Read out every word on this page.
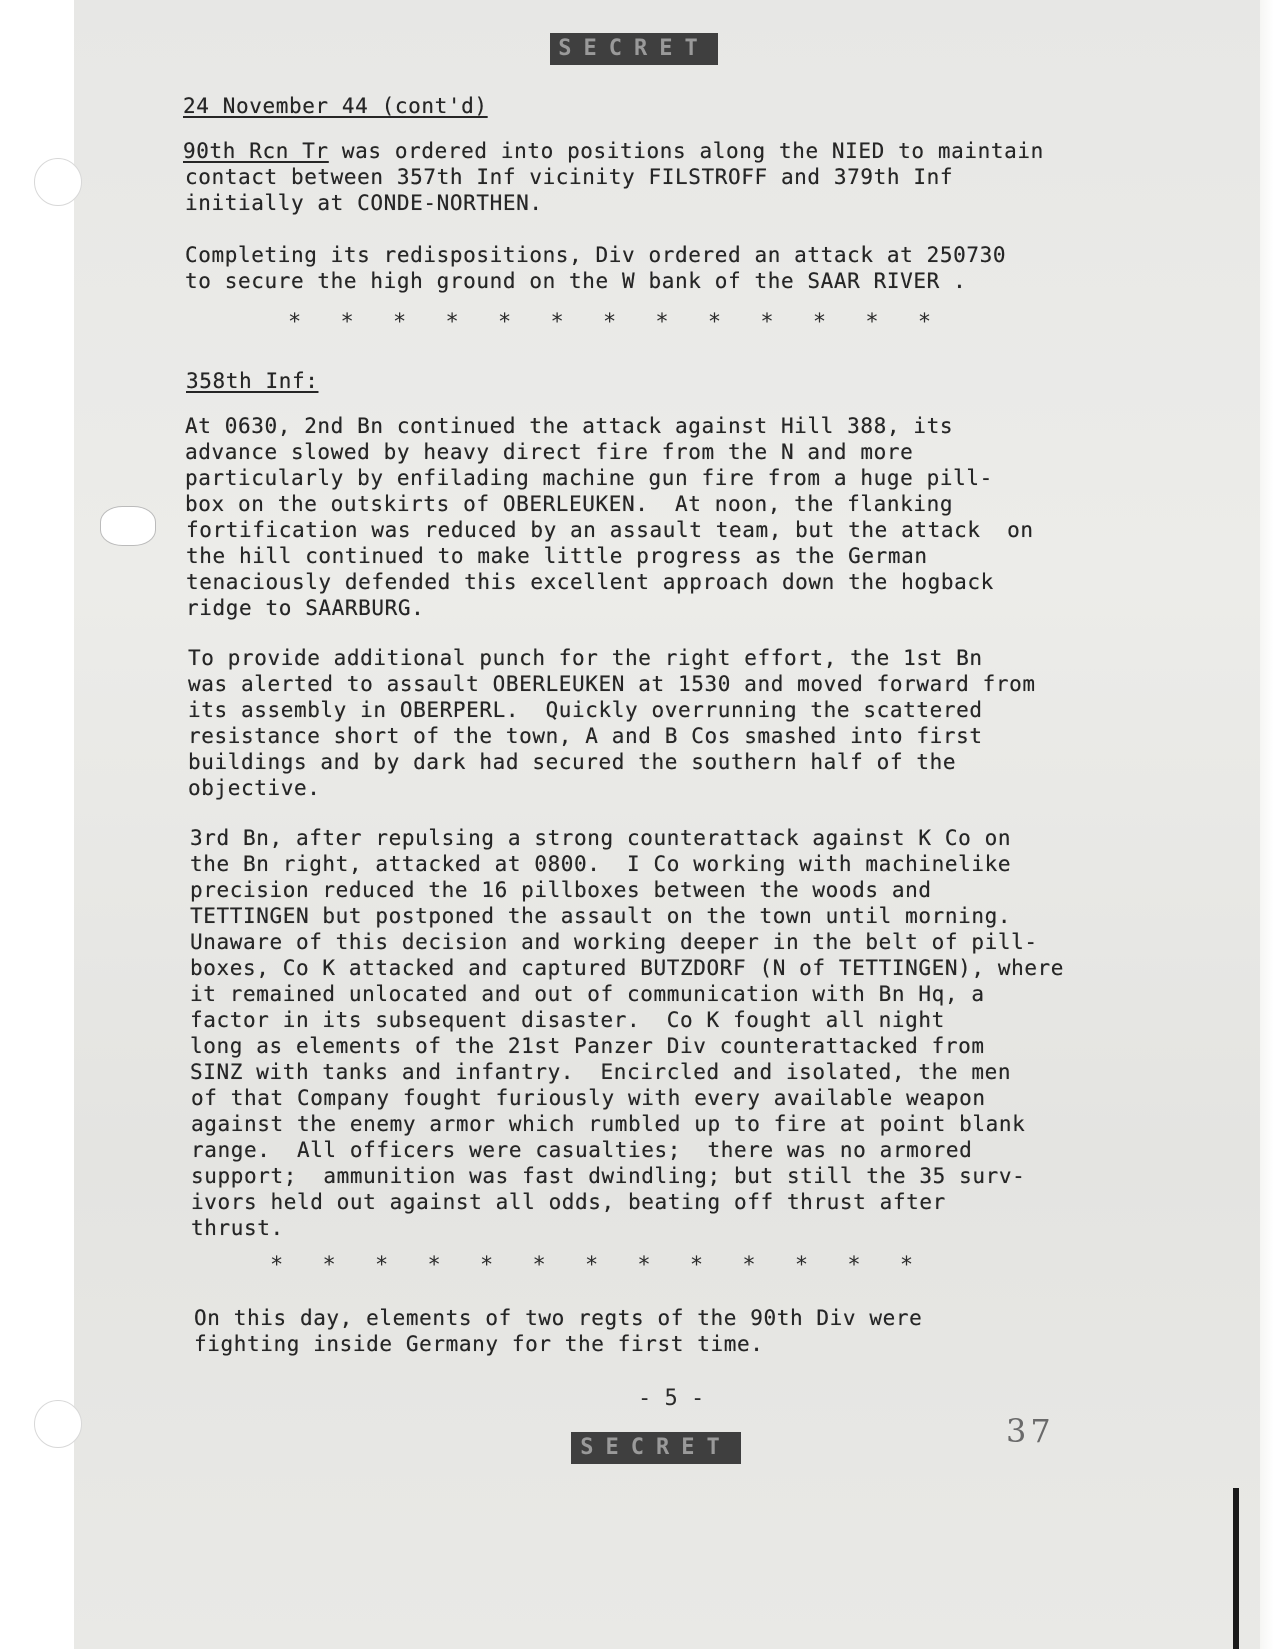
SECRET

24 November 44 (cont'd)

90th Rcn Tr was ordered into positions along the NIED to maintain

contact between 357th Inf vicinity FILSTROFF and 379th Inf

initially at CONDE-NORTHEN.

Completing its redispositions, Div ordered an attack at 250730

to secure the high ground on the W bank of the SAAR RIVER .

* * * * * * * * * * * * *

358th Inf:

At 0630, 2nd Bn continued the attack against Hill 388, its

advance slowed by heavy direct fire from the N and more

particularly by enfilading machine gun fire from a huge pill-

box on the outskirts of OBERLEUKEN.  At noon, the flanking

fortification was reduced by an assault team, but the attack  on

the hill continued to make little progress as the German

tenaciously defended this excellent approach down the hogback

ridge to SAARBURG.

To provide additional punch for the right effort, the 1st Bn

was alerted to assault OBERLEUKEN at 1530 and moved forward from

its assembly in OBERPERL.  Quickly overrunning the scattered

resistance short of the town, A and B Cos smashed into first

buildings and by dark had secured the southern half of the

objective.

3rd Bn, after repulsing a strong counterattack against K Co on

the Bn right, attacked at 0800.  I Co working with machinelike

precision reduced the 16 pillboxes between the woods and

TETTINGEN but postponed the assault on the town until morning.

Unaware of this decision and working deeper in the belt of pill-

boxes, Co K attacked and captured BUTZDORF (N of TETTINGEN), where

it remained unlocated and out of communication with Bn Hq, a

factor in its subsequent disaster.  Co K fought all night

long as elements of the 21st Panzer Div counterattacked from

SINZ with tanks and infantry.  Encircled and isolated, the men

of that Company fought furiously with every available weapon

against the enemy armor which rumbled up to fire at point blank

range.  All officers were casualties;  there was no armored

support;  ammunition was fast dwindling; but still the 35 surv-

ivors held out against all odds, beating off thrust after

thrust.

* * * * * * * * * * * * *

On this day, elements of two regts of the 90th Div were

fighting inside Germany for the first time.

- 5 -

37

SECRET
